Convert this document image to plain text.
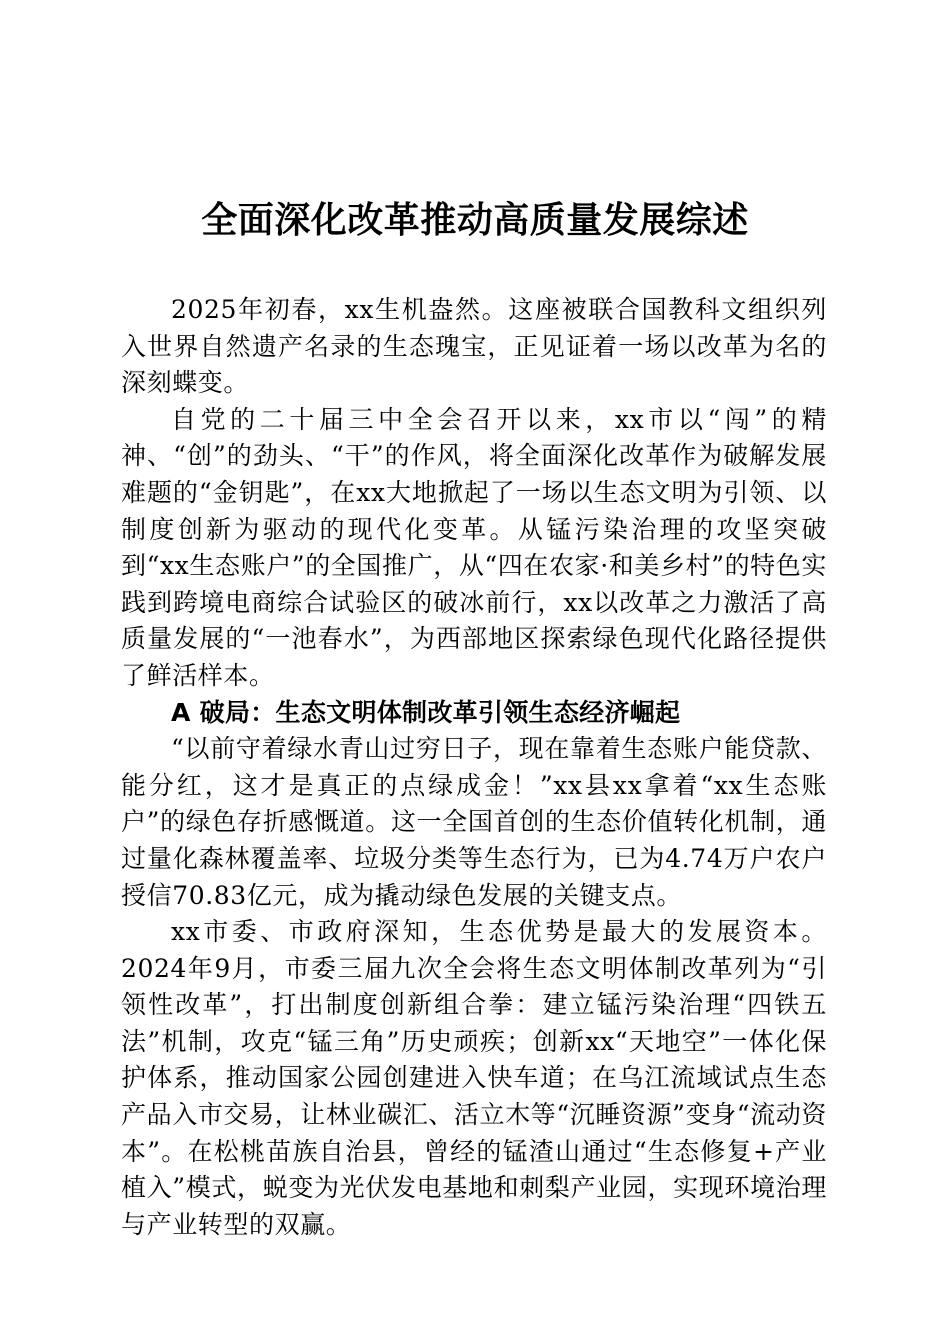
全面深化改革推动高质量发展综述

2025年初春，xx生机盎然。这座被联合国教科文组织列入世界自然遗产名录的生态瑰宝，正见证着一场以改革为名的深刻蝶变。

自党的二十届三中全会召开以来，xx市以“闯”的精神、“创”的劲头、“干”的作风，将全面深化改革作为破解发展难题的“金钥匙”，在xx大地掀起了一场以生态文明为引领、以制度创新为驱动的现代化变革。从锰污染治理的攻坚突破到“xx生态账户”的全国推广，从“四在农家·和美乡村”的特色实践到跨境电商综合试验区的破冰前行，xx以改革之力激活了高质量发展的“一池春水”，为西部地区探索绿色现代化路径提供了鲜活样本。

A 破局：生态文明体制改革引领生态经济崛起

“以前守着绿水青山过穷日子，现在靠着生态账户能贷款、能分红，这才是真正的点绿成金！”xx县xx拿着“xx生态账户”的绿色存折感慨道。这一全国首创的生态价值转化机制，通过量化森林覆盖率、垃圾分类等生态行为，已为4.74万户农户授信70.83亿元，成为撬动绿色发展的关键支点。

xx市委、市政府深知，生态优势是最大的发展资本。2024年9月，市委三届九次全会将生态文明体制改革列为“引领性改革”，打出制度创新组合拳：建立锰污染治理“四铁五法”机制，攻克“锰三角”历史顽疾；创新xx“天地空”一体化保护体系，推动国家公园创建进入快车道；在乌江流域试点生态产品入市交易，让林业碳汇、活立木等“沉睡资源”变身“流动资本”。在松桃苗族自治县，曾经的锰渣山通过“生态修复+产业植入”模式，蜕变为光伏发电基地和刺梨产业园，实现环境治理与产业转型的双赢。
